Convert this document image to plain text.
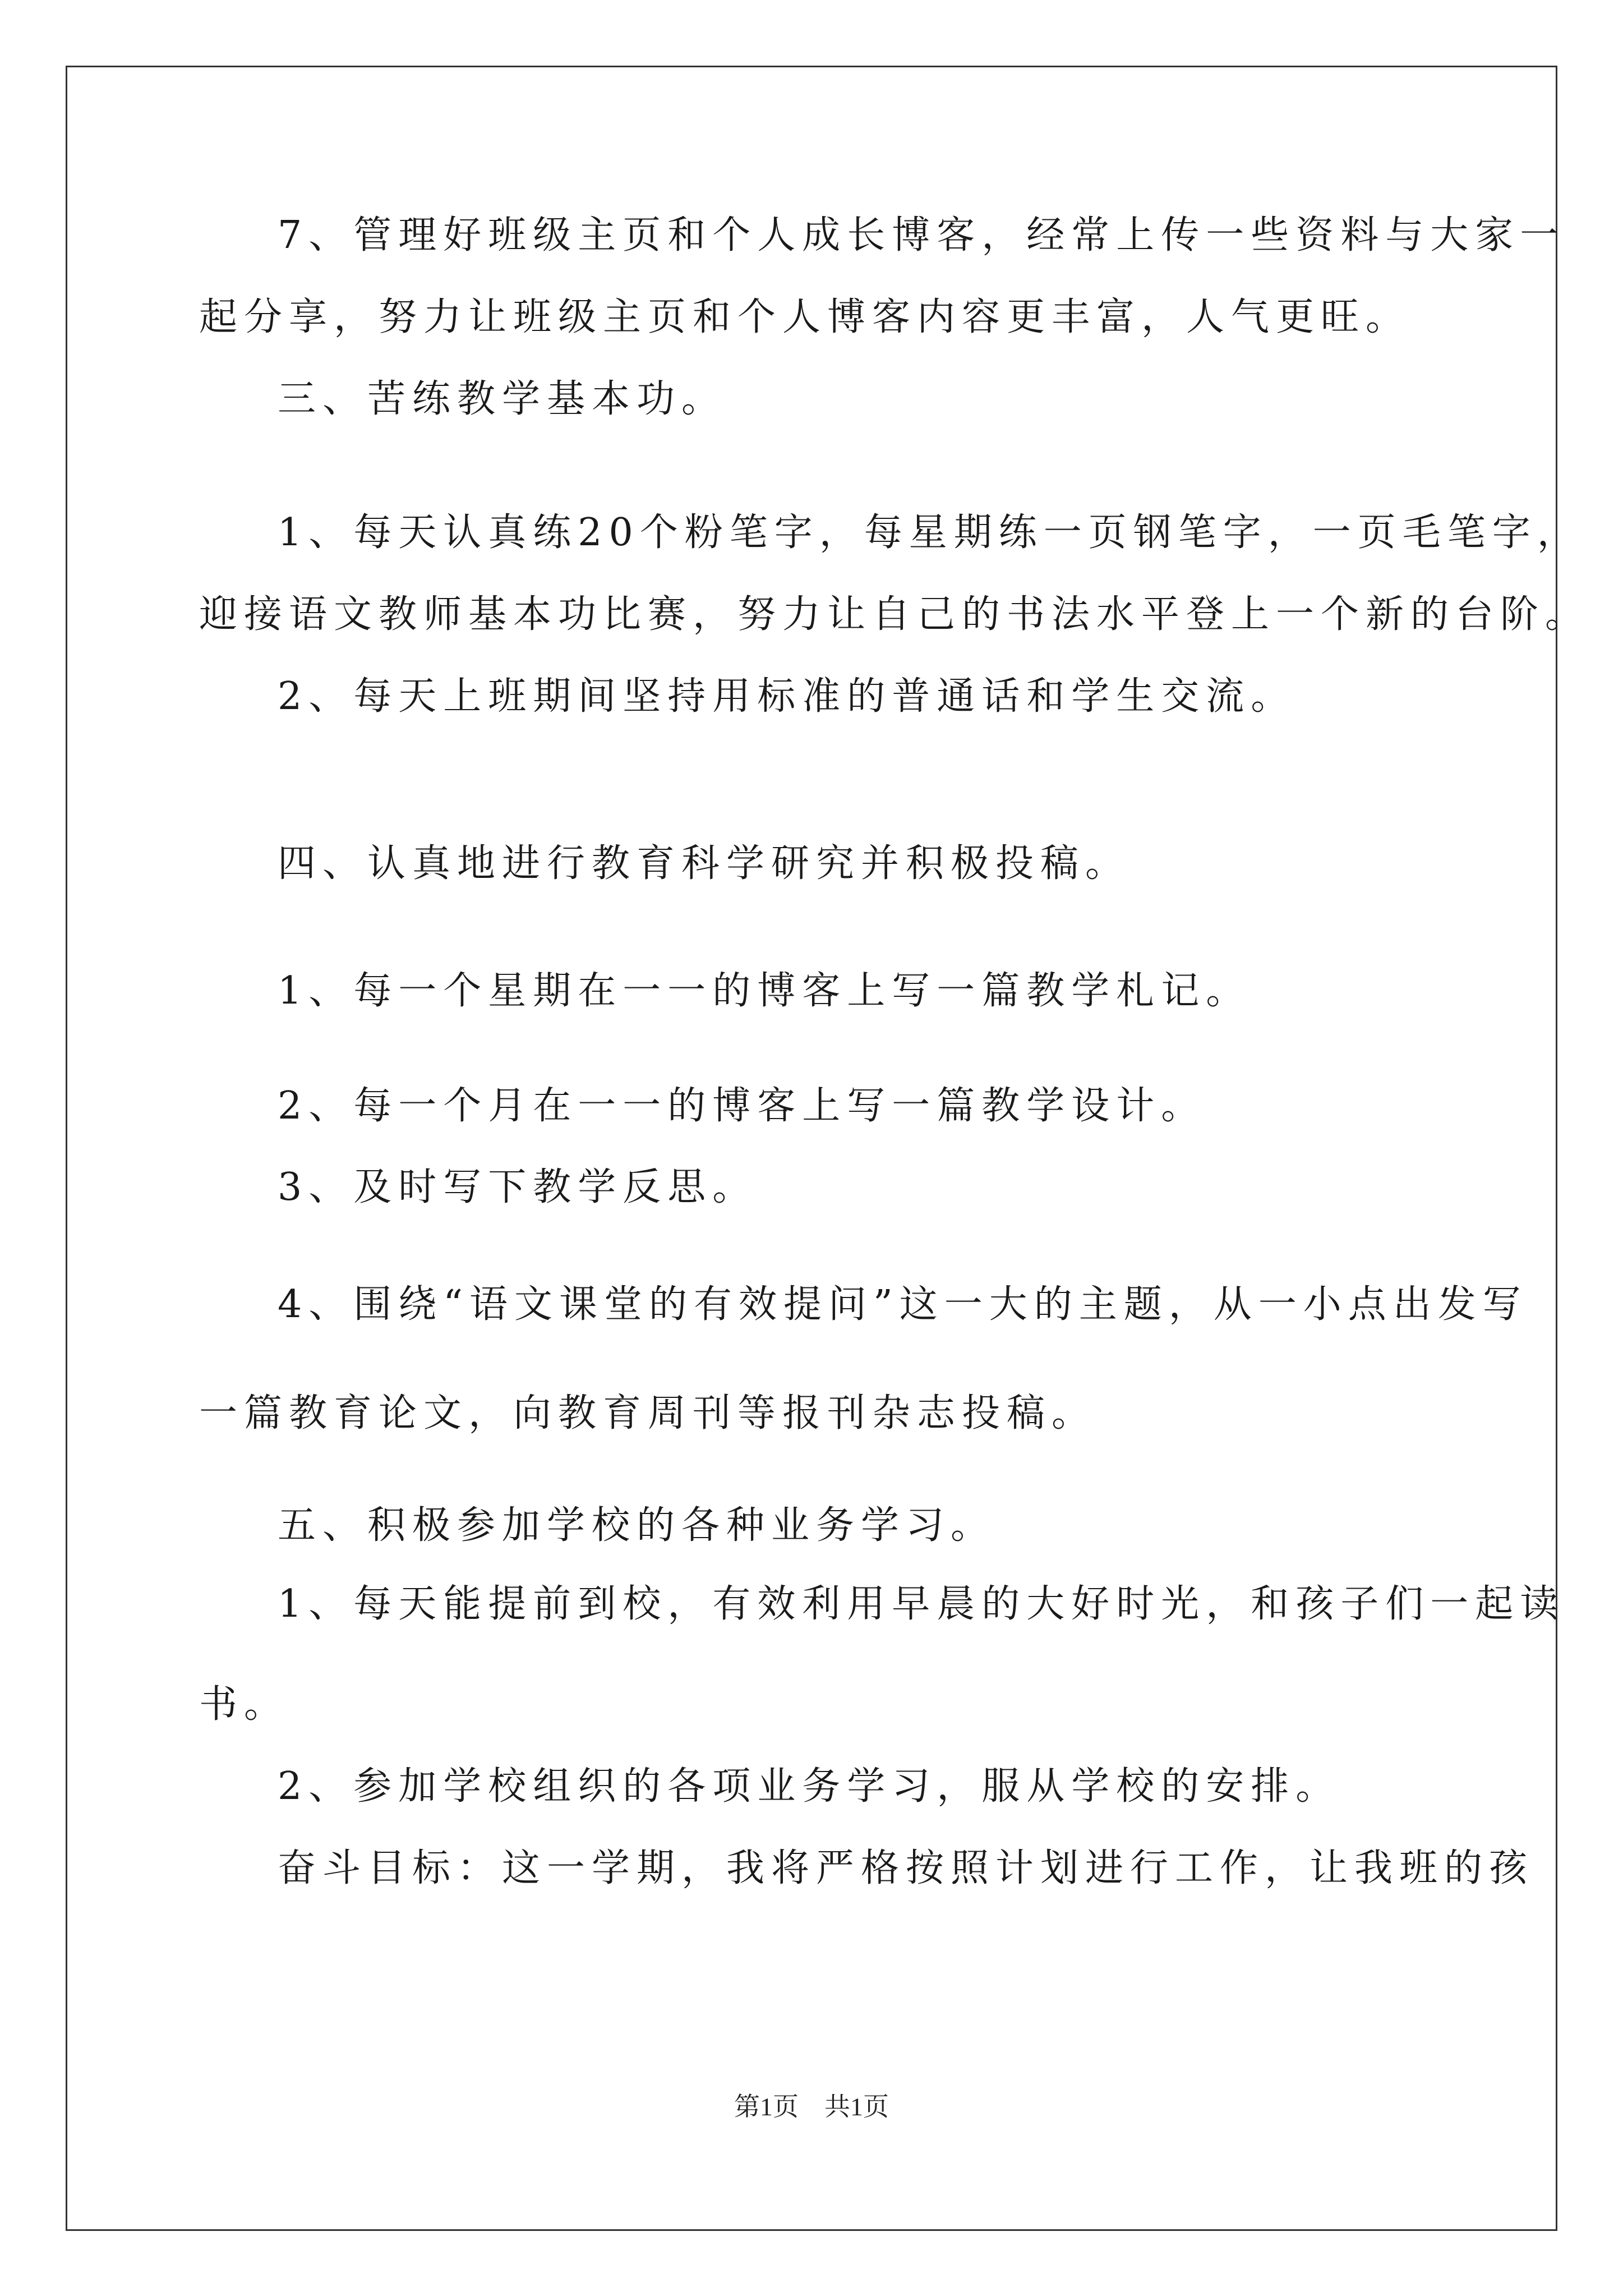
7、管理好班级主页和个人成长博客，经常上传一些资料与大家一
起分享，努力让班级主页和个人博客内容更丰富，人气更旺。
三、苦练教学基本功。
1、每天认真练20个粉笔字，每星期练一页钢笔字，一页毛笔字，
迎接语文教师基本功比赛，努力让自己的书法水平登上一个新的台阶。
2、每天上班期间坚持用标准的普通话和学生交流。
四、认真地进行教育科学研究并积极投稿。
1、每一个星期在一一的博客上写一篇教学札记。
2、每一个月在一一的博客上写一篇教学设计。
3、及时写下教学反思。
4、围绕“语文课堂的有效提问”这一大的主题，从一小点出发写
一篇教育论文，向教育周刊等报刊杂志投稿。
五、积极参加学校的各种业务学习。
1、每天能提前到校，有效利用早晨的大好时光，和孩子们一起读
书。
2、参加学校组织的各项业务学习，服从学校的安排。
奋斗目标：这一学期，我将严格按照计划进行工作，让我班的孩
第1页　共1页
